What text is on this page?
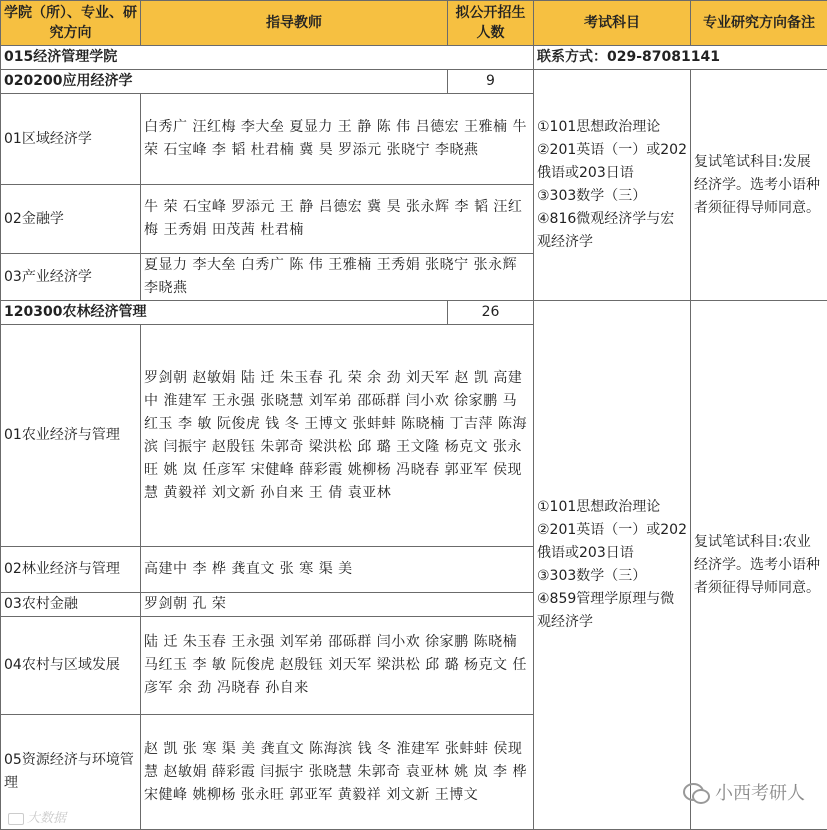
学院（所）、专业、研究方向	指导教师	拟公开招生人数	考试科目	专业研究方向备注
015经济管理学院			联系方式：029-87081141	
020200应用经济学		9	①101思想政治理论
②201英语（一）或202俄语或203日语
③303数学（三）
④816微观经济学与宏观经济学	复试笔试科目:发展经济学。选考小语种者须征得导师同意。
01区域经济学	白秀广 汪红梅 李大垒 夏显力 王 静 陈 伟 吕德宏 王雅楠 牛 荣 石宝峰 李 韬 杜君楠 冀 昊 罗添元 张晓宁 李晓燕			
02金融学	牛 荣 石宝峰 罗添元 王 静 吕德宏 冀 昊 张永辉 李 韬 汪红梅 王秀娟 田茂茜 杜君楠			
03产业经济学	夏显力 李大垒 白秀广 陈 伟 王雅楠 王秀娟 张晓宁 张永辉 李晓燕			
120300农林经济管理		26	①101思想政治理论
②201英语（一）或202俄语或203日语
③303数学（三）
④859管理学原理与微观经济学	复试笔试科目:农业经济学。选考小语种者须征得导师同意。
01农业经济与管理	罗剑朝 赵敏娟 陆 迁 朱玉春 孔 荣 余 劲 刘天军 赵 凯 高建中 淮建军 王永强 张晓慧 刘军弟 邵砾群 闫小欢 徐家鹏 马红玉 李 敏 阮俊虎 钱 冬 王博文 张蚌蚌 陈晓楠 丁吉萍 陈海滨 闫振宇 赵殷钰 朱郭奇 梁洪松 邱 璐 王文隆 杨克文 张永旺 姚 岚 任彦军 宋健峰 薛彩霞 姚柳杨 冯晓春 郭亚军 侯现慧 黄毅祥 刘文新 孙自来 王 倩 袁亚林			
02林业经济与管理	高建中 李 桦 龚直文 张 寒 渠 美			
03农村金融	罗剑朝 孔 荣			
04农村与区域发展	陆 迁 朱玉春 王永强 刘军弟 邵砾群 闫小欢 徐家鹏 陈晓楠 马红玉 李 敏 阮俊虎 赵殷钰 刘天军 梁洪松 邱 璐 杨克文 任彦军 余 劲 冯晓春 孙自来			
05资源经济与环境管理	赵 凯 张 寒 渠 美 龚直文 陈海滨 钱 冬 淮建军 张蚌蚌 侯现慧 赵敏娟 薛彩霞 闫振宇 张晓慧 朱郭奇 袁亚林 姚 岚 李 桦 宋健峰 姚柳杨 张永旺 郭亚军 黄毅祥 刘文新 王博文			
大数据
小西考研人
